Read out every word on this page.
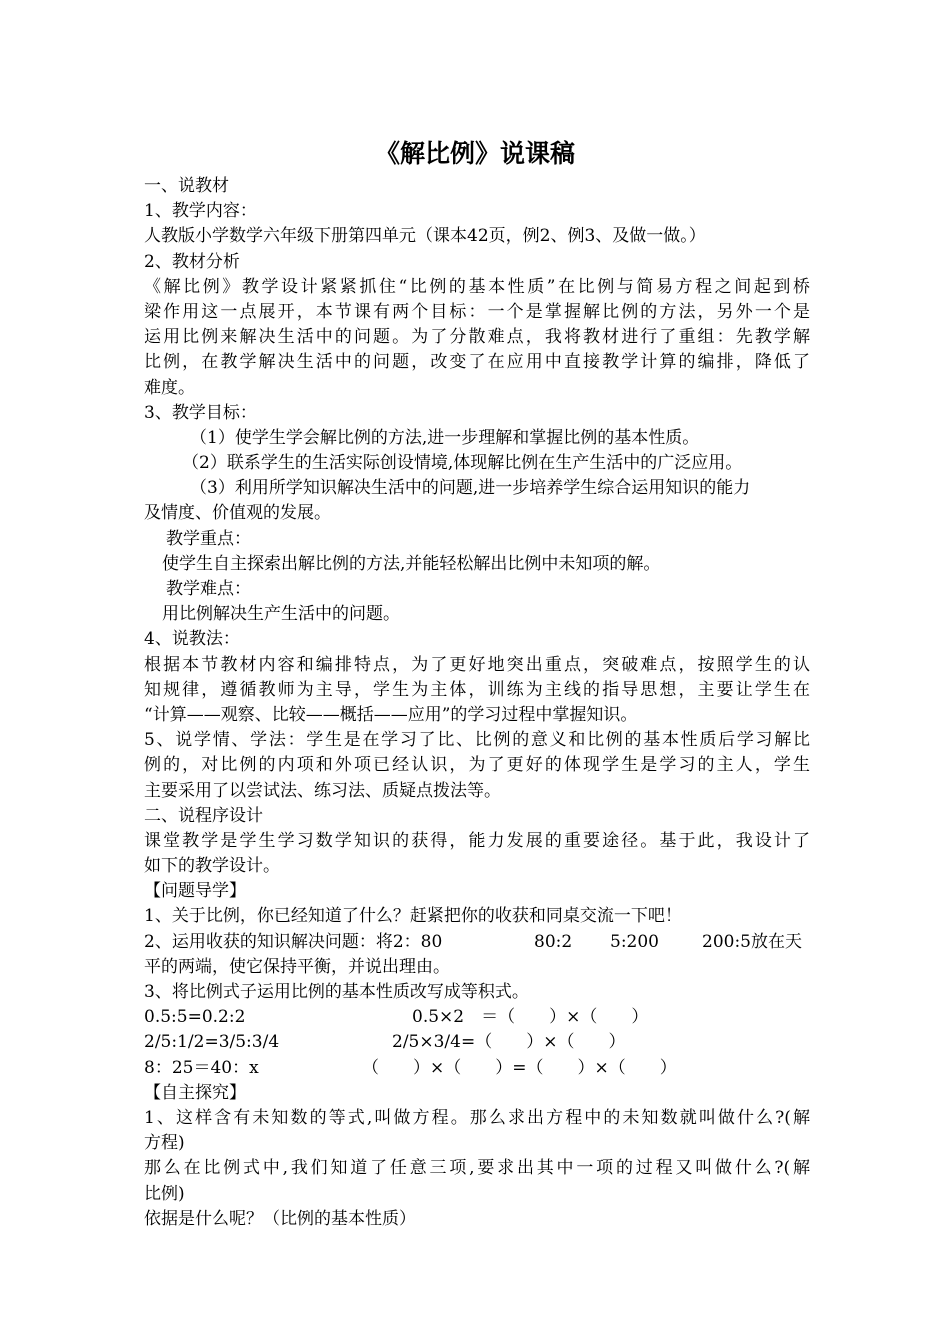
《解比例》说课稿
一、说教材
1、教学内容：
人教版小学数学六年级下册第四单元（课本42页，例2、例3、及做一做。）
2、教材分析
《解比例》教学设计紧紧抓住“比例的基本性质”在比例与简易方程之间起到桥
梁作用这一点展开，本节课有两个目标：一个是掌握解比例的方法，另外一个是
运用比例来解决生活中的问题。为了分散难点，我将教材进行了重组：先教学解
比例，在教学解决生活中的问题，改变了在应用中直接教学计算的编排，降低了
难度。
3、教学目标：
（1）使学生学会解比例的方法,进一步理解和掌握比例的基本性质。
（2）联系学生的生活实际创设情境,体现解比例在生产生活中的广泛应用。
（3）利用所学知识解决生活中的问题,进一步培养学生综合运用知识的能力
及情度、价值观的发展。
教学重点：
使学生自主探索出解比例的方法,并能轻松解出比例中未知项的解。
教学难点：
用比例解决生产生活中的问题。
4、说教法：
根据本节教材内容和编排特点，为了更好地突出重点，突破难点，按照学生的认
知规律，遵循教师为主导，学生为主体，训练为主线的指导思想，主要让学生在
“计算——观察、比较——概括——应用”的学习过程中掌握知识。
5、说学情、学法：学生是在学习了比、比例的意义和比例的基本性质后学习解比
例的，对比例的内项和外项已经认识，为了更好的体现学生是学习的主人，学生
主要采用了以尝试法、练习法、质疑点拨法等。
二、说程序设计
课堂教学是学生学习数学知识的获得，能力发展的重要途径。基于此，我设计了
如下的教学设计。
【问题导学】
1、关于比例，你已经知道了什么？赶紧把你的收获和同桌交流一下吧！
2、运用收获的知识解决问题：将2：80	80:2 5:200	200:5放在天
平的两端，使它保持平衡，并说出理由。
3、将比例式子运用比例的基本性质改写成等积式。
0.5:5=0.2:2	0.5×2　＝（　　）×（　　）
2/5:1/2=3/5:3/4	2/5×3/4=（　　）×（　　）
8：25＝40：x	（　　）×（　　）=（　　）×（　　）
【自主探究】
1、这样含有未知数的等式,叫做方程。那么求出方程中的未知数就叫做什么?(解
方程)
那么在比例式中,我们知道了任意三项,要求出其中一项的过程又叫做什么?(解
比例)
依据是什么呢？（比例的基本性质）
